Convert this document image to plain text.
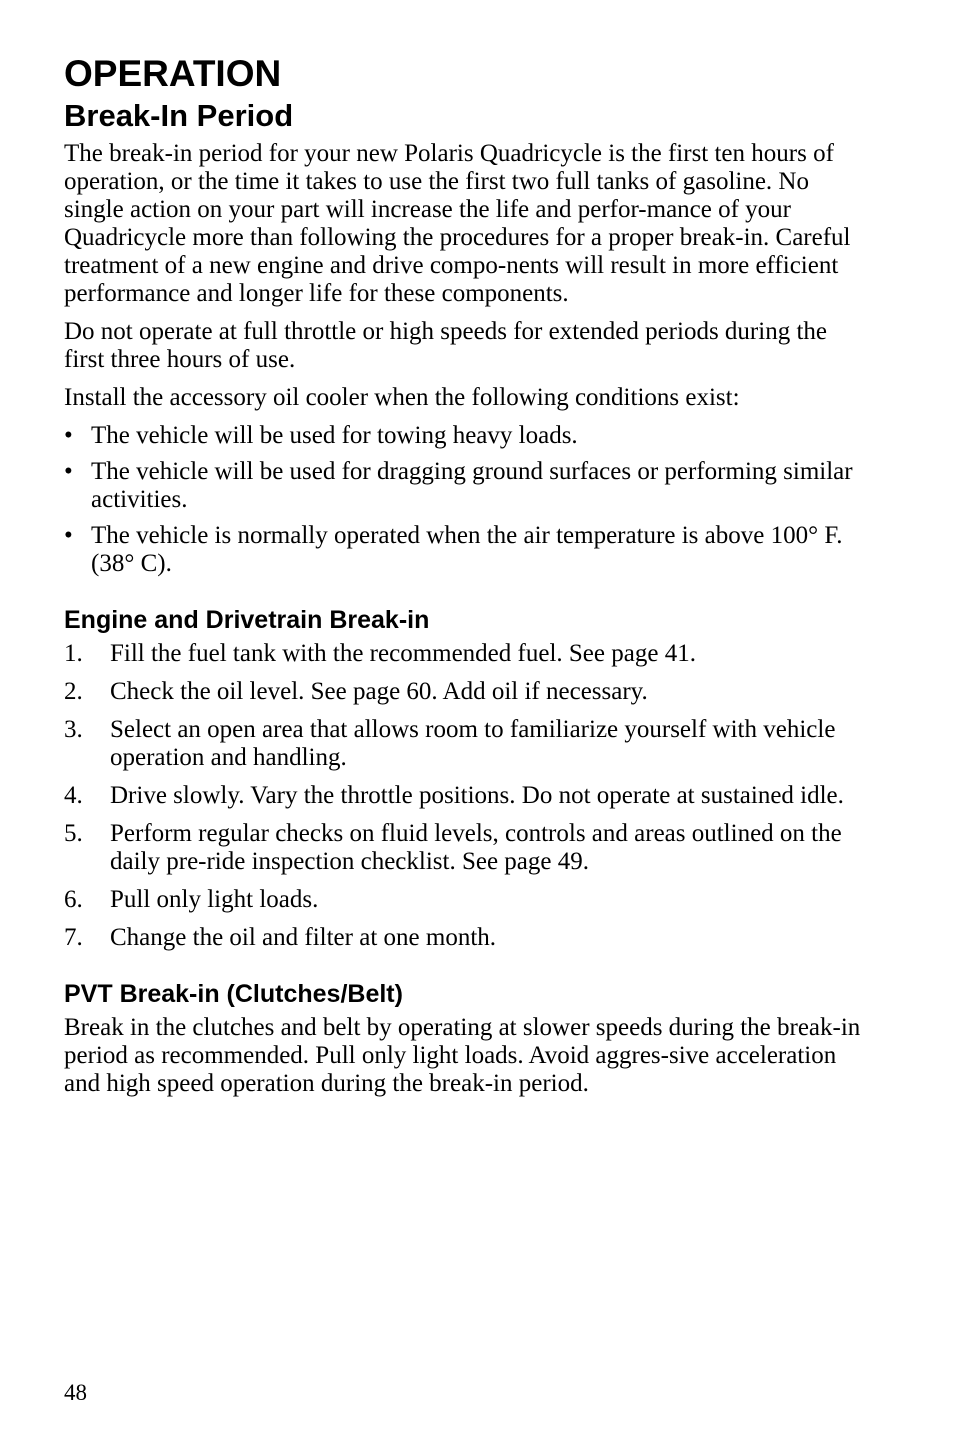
OPERATION
Break-In Period

The break-in period for your new Polaris Quadricycle is the first ten hours of operation, or the time it takes to use the first two full tanks of gasoline. No single action on your part will increase the life and perfor-mance of your Quadricycle more than following the procedures for a proper break-in. Careful treatment of a new engine and drive compo-nents will result in more efficient performance and longer life for these components.

Do not operate at full throttle or high speeds for extended periods during the first three hours of use.

Install the accessory oil cooler when the following conditions exist:

• The vehicle will be used for towing heavy loads.
• The vehicle will be used for dragging ground surfaces or performing similar activities.
• The vehicle is normally operated when the air temperature is above 100° F. (38° C).
Engine and Drivetrain Break-in
1. Fill the fuel tank with the recommended fuel. See page 41.
2. Check the oil level. See page 60. Add oil if necessary.
3. Select an open area that allows room to familiarize yourself with vehicle operation and handling.
4. Drive slowly. Vary the throttle positions. Do not operate at sustained idle.
5. Perform regular checks on fluid levels, controls and areas outlined on the daily pre-ride inspection checklist. See page 49.
6. Pull only light loads.
7. Change the oil and filter at one month.
PVT Break-in (Clutches/Belt)

Break in the clutches and belt by operating at slower speeds during the break-in period as recommended. Pull only light loads. Avoid aggres-sive acceleration and high speed operation during the break-in period.

48
